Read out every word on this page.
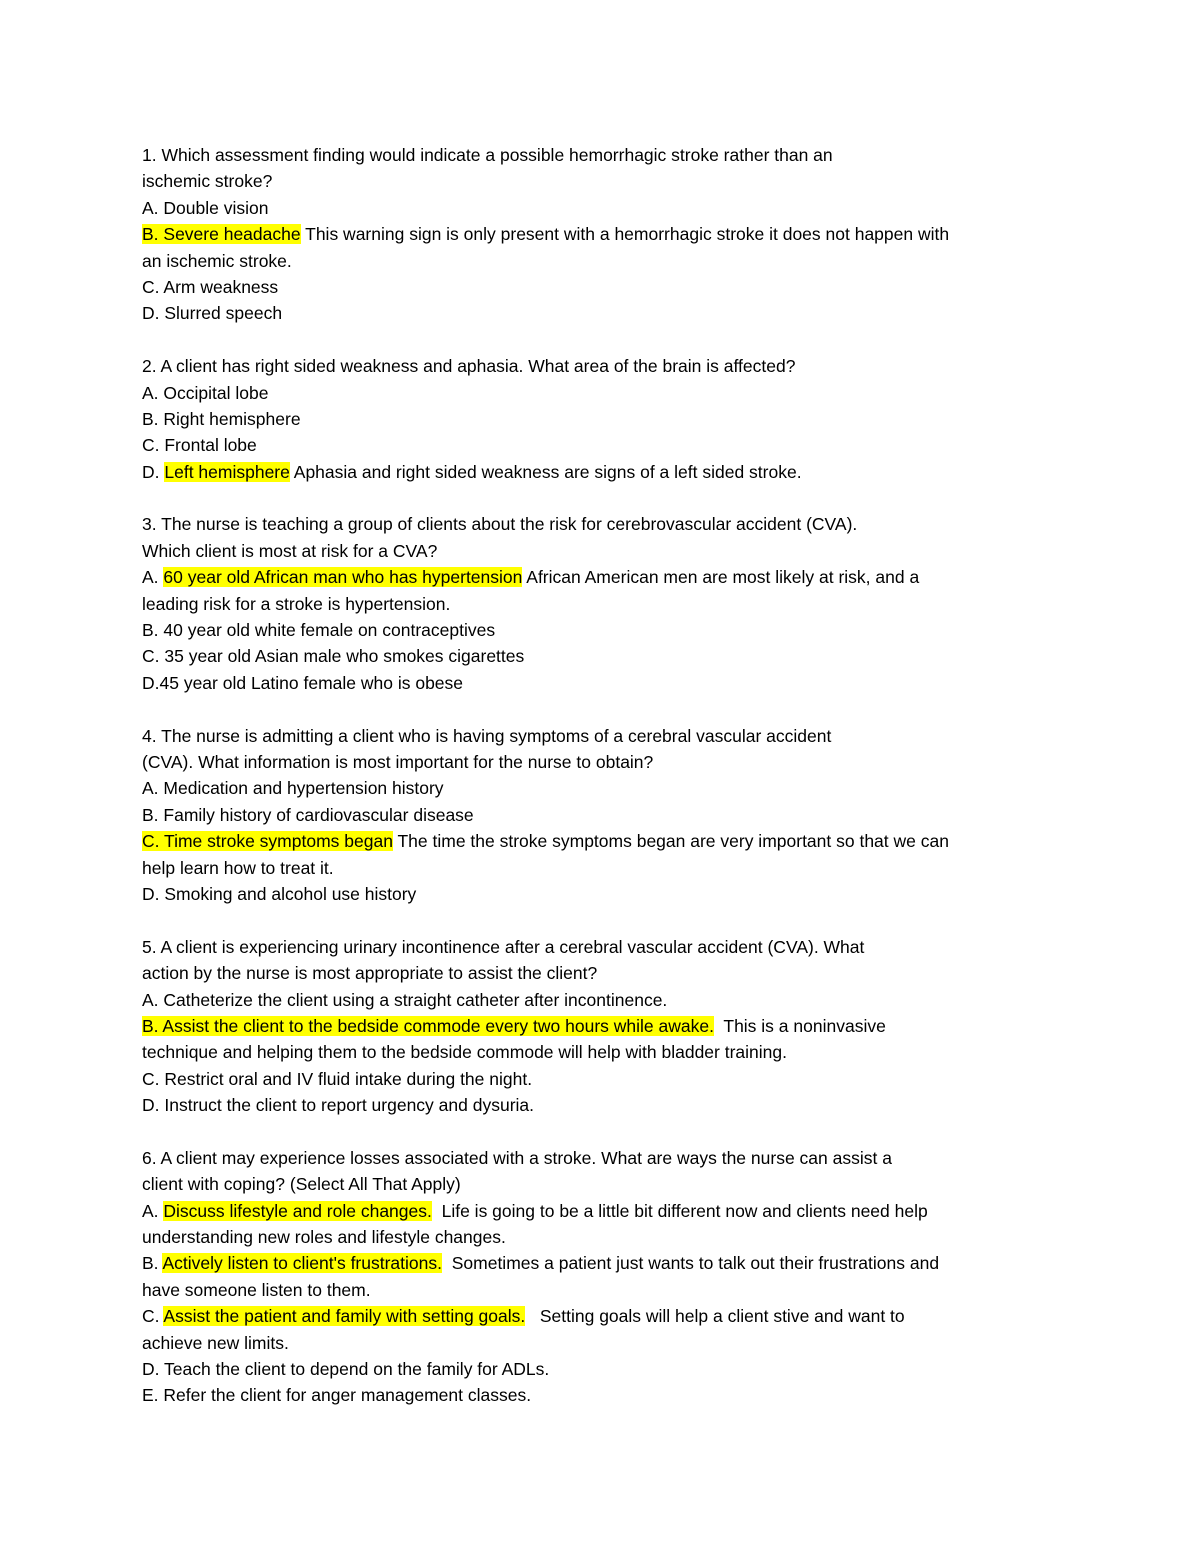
1. Which assessment finding would indicate a possible hemorrhagic stroke rather than an
ischemic stroke?
A. Double vision
B. Severe headache This warning sign is only present with a hemorrhagic stroke it does not happen with
an ischemic stroke.
C. Arm weakness
D. Slurred speech
2. A client has right sided weakness and aphasia. What area of the brain is affected?
A. Occipital lobe
B. Right hemisphere
C. Frontal lobe
D. Left hemisphere Aphasia and right sided weakness are signs of a left sided stroke.
3. The nurse is teaching a group of clients about the risk for cerebrovascular accident (CVA).
Which client is most at risk for a CVA?
A. 60 year old African man who has hypertension African American men are most likely at risk, and a
leading risk for a stroke is hypertension.
B. 40 year old white female on contraceptives
C. 35 year old Asian male who smokes cigarettes
D.45 year old Latino female who is obese
4. The nurse is admitting a client who is having symptoms of a cerebral vascular accident
(CVA). What information is most important for the nurse to obtain?
A. Medication and hypertension history
B. Family history of cardiovascular disease
C. Time stroke symptoms began The time the stroke symptoms began are very important so that we can
help learn how to treat it.
D. Smoking and alcohol use history
5. A client is experiencing urinary incontinence after a cerebral vascular accident (CVA). What
action by the nurse is most appropriate to assist the client?
A. Catheterize the client using a straight catheter after incontinence.
B. Assist the client to the bedside commode every two hours while awake.  This is a noninvasive
technique and helping them to the bedside commode will help with bladder training.
C. Restrict oral and IV fluid intake during the night.
D. Instruct the client to report urgency and dysuria.
6. A client may experience losses associated with a stroke. What are ways the nurse can assist a
client with coping? (Select All That Apply)
A. Discuss lifestyle and role changes.  Life is going to be a little bit different now and clients need help
understanding new roles and lifestyle changes.
B. Actively listen to client's frustrations.  Sometimes a patient just wants to talk out their frustrations and
have someone listen to them.
C. Assist the patient and family with setting goals.   Setting goals will help a client stive and want to
achieve new limits.
D. Teach the client to depend on the family for ADLs.
E. Refer the client for anger management classes.
